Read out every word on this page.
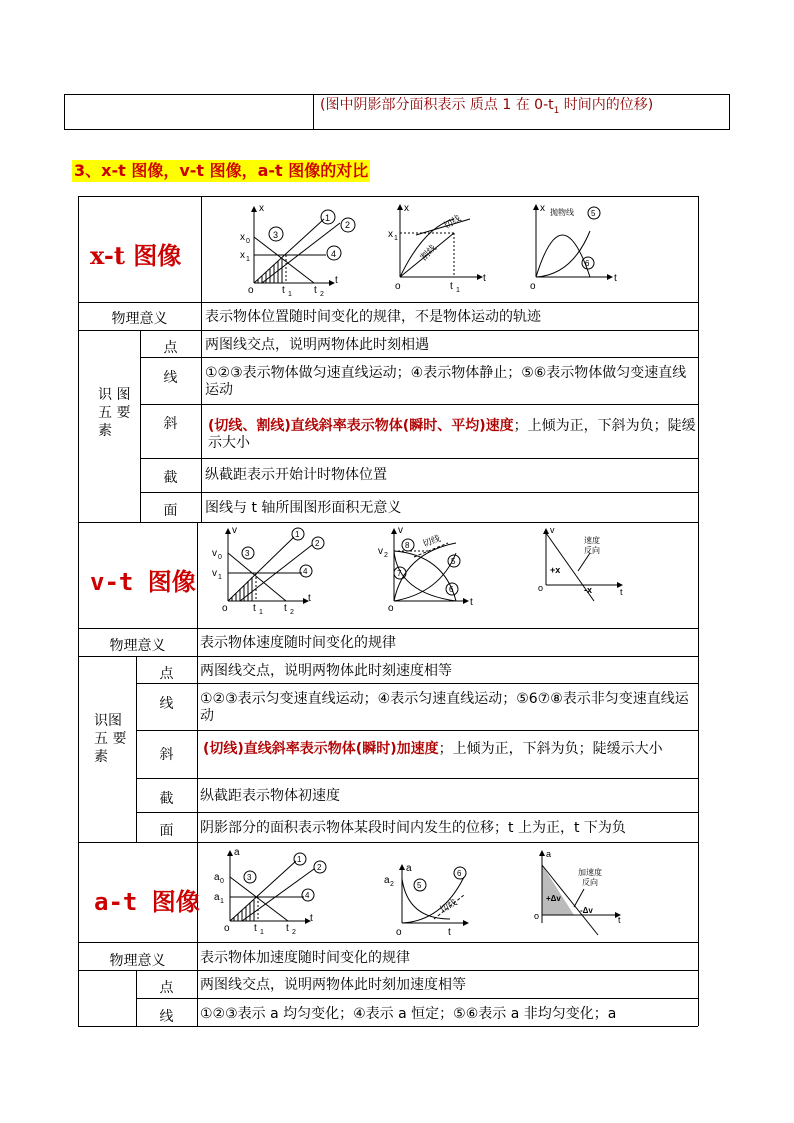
(图中阴影部分面积表示 质点 1 在 $0-t_1$ 时间内的位移)
3、x-t 图像，v-t 图像，a-t 图像的对比
x-t 图像
物理意义	表示物体位置随时间变化的规律，不是物体运动的轨迹
识 图
五 要
素
点	两图线交点，说明两物体此时刻相遇
线	①②③表示物体做匀速直线运动；④表示物体静止；⑤⑥表示物体做匀变速直线运动
斜	(切线、割线)直线斜率表示物体(瞬时、平均)速度；上倾为正，下斜为负；陡缓示大小
截	纵截距表示开始计时物体位置
面	图线与 t 轴所围图形面积无意义
x
t
o
x 0
x 1
t 1 t 2
1
2
3
4
x
t
o
x 1
t 1
切线
割线
x
t
o
抛物线 5
6
v-t 图像
物理意义	表示物体速度随时间变化的规律
识图
五 要
素
点	两图线交点，说明两物体此时刻速度相等
线	①②③表示匀变速直线运动；④表示匀速直线运动；⑤6⑦⑧表示非匀变速直线运动
斜	(切线)直线斜率表示物体(瞬时)加速度；上倾为正，下斜为负；陡缓示大小
截	纵截距表示物体初速度
面	阴影部分的面积表示物体某段时间内发生的位移；t 上为正，t 下为负
v
t
o
v 0
v 1
t 1 t 2
1
2
3
4
v
t
o
v 2
切线
8
5
7
6
v
t
o
+x
-x
速度
反向
a-t 图像
物理意义	表示物体加速度随时间变化的规律
点	两图线交点，说明两物体此时刻加速度相等
线	①②③表示 a 均匀变化；④表示 a 恒定；⑤⑥表示 a 非均匀变化；a
a
t
o
a 0
a 1
t 1 t 2
1
2
3
4
a
t
o
a 2
切线
5
6
a
t
o
+Δv
-Δv
加速度
反向
